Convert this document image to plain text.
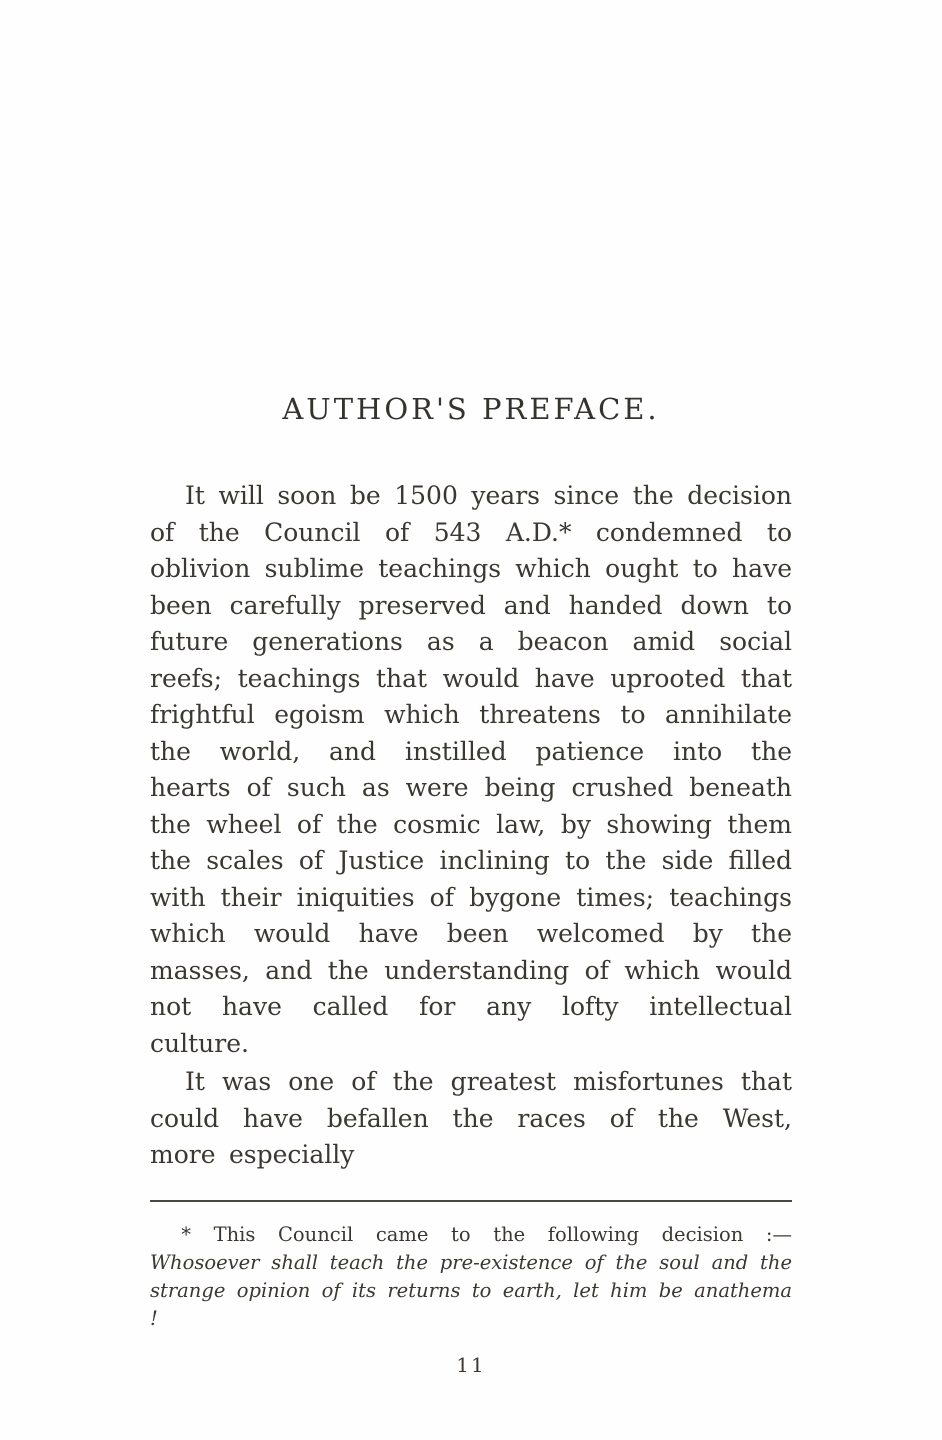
AUTHOR'S PREFACE.

It will soon be 1500 years since the decision of the Council of 543 A.D.* condemned to oblivion sublime teachings which ought to have been carefully preserved and handed down to future generations as a beacon amid social reefs; teachings that would have uprooted that frightful egoism which threatens to annihilate the world, and instilled patience into the hearts of such as were being crushed beneath the wheel of the cosmic law, by showing them the scales of Justice inclining to the side filled with their iniquities of bygone times; teachings which would have been welcomed by the masses, and the understanding of which would not have called for any lofty intellectual culture.

It was one of the greatest misfortunes that could have befallen the races of the West, more especially

* This Council came to the following decision :—Whosoever shall teach the pre-existence of the soul and the strange opinion of its returns to earth, let him be anathema !

11
